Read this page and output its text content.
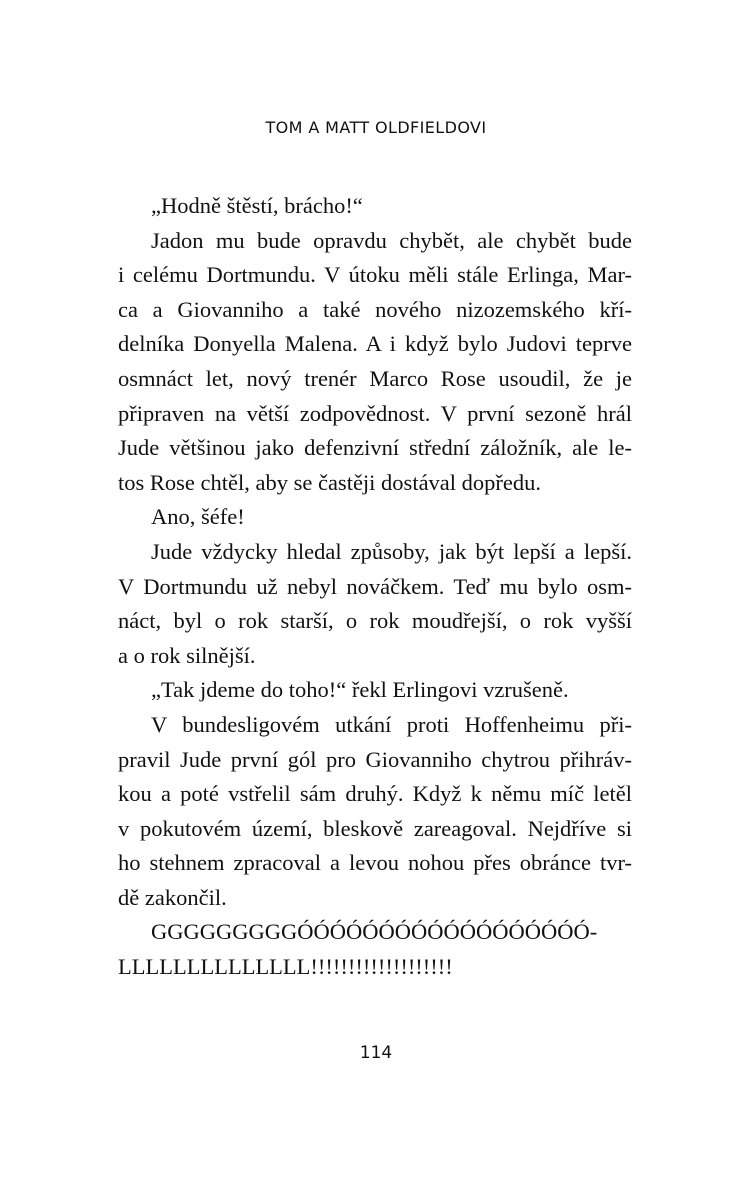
TOM A MATT OLDFIELDOVI
„Hodně štěstí, brácho!“
Jadon mu bude opravdu chybět, ale chybět bude
i celému Dortmundu. V útoku měli stále Erlinga, Mar-
ca a Giovanniho a také nového nizozemského kří-
delníka Donyella Malena. A i když bylo Judovi teprve
osmnáct let, nový trenér Marco Rose usoudil, že je
připraven na větší zodpovědnost. V první sezoně hrál
Jude většinou jako defenzivní střední záložník, ale le-
tos Rose chtěl, aby se častěji dostával dopředu.
Ano, šéfe!
Jude vždycky hledal způsoby, jak být lepší a lepší.
V Dortmundu už nebyl nováčkem. Teď mu bylo osm-
náct, byl o rok starší, o rok moudřejší, o rok vyšší
a o rok silnější.
„Tak jdeme do toho!“ řekl Erlingovi vzrušeně.
V bundesligovém utkání proti Hoffenheimu při-
pravil Jude první gól pro Giovanniho chytrou přihráv-
kou a poté vstřelil sám druhý. Když k němu míč letěl
v pokutovém území, bleskově zareagoval. Nejdříve si
ho stehnem zpracoval a levou nohou přes obránce tvr-
dě zakončil.
GGGGGGGGGÓÓÓÓÓÓÓÓÓÓÓÓÓÓÓÓÓÓ-
LLLLLLLLLLLLLL!!!!!!!!!!!!!!!!!!!
114
